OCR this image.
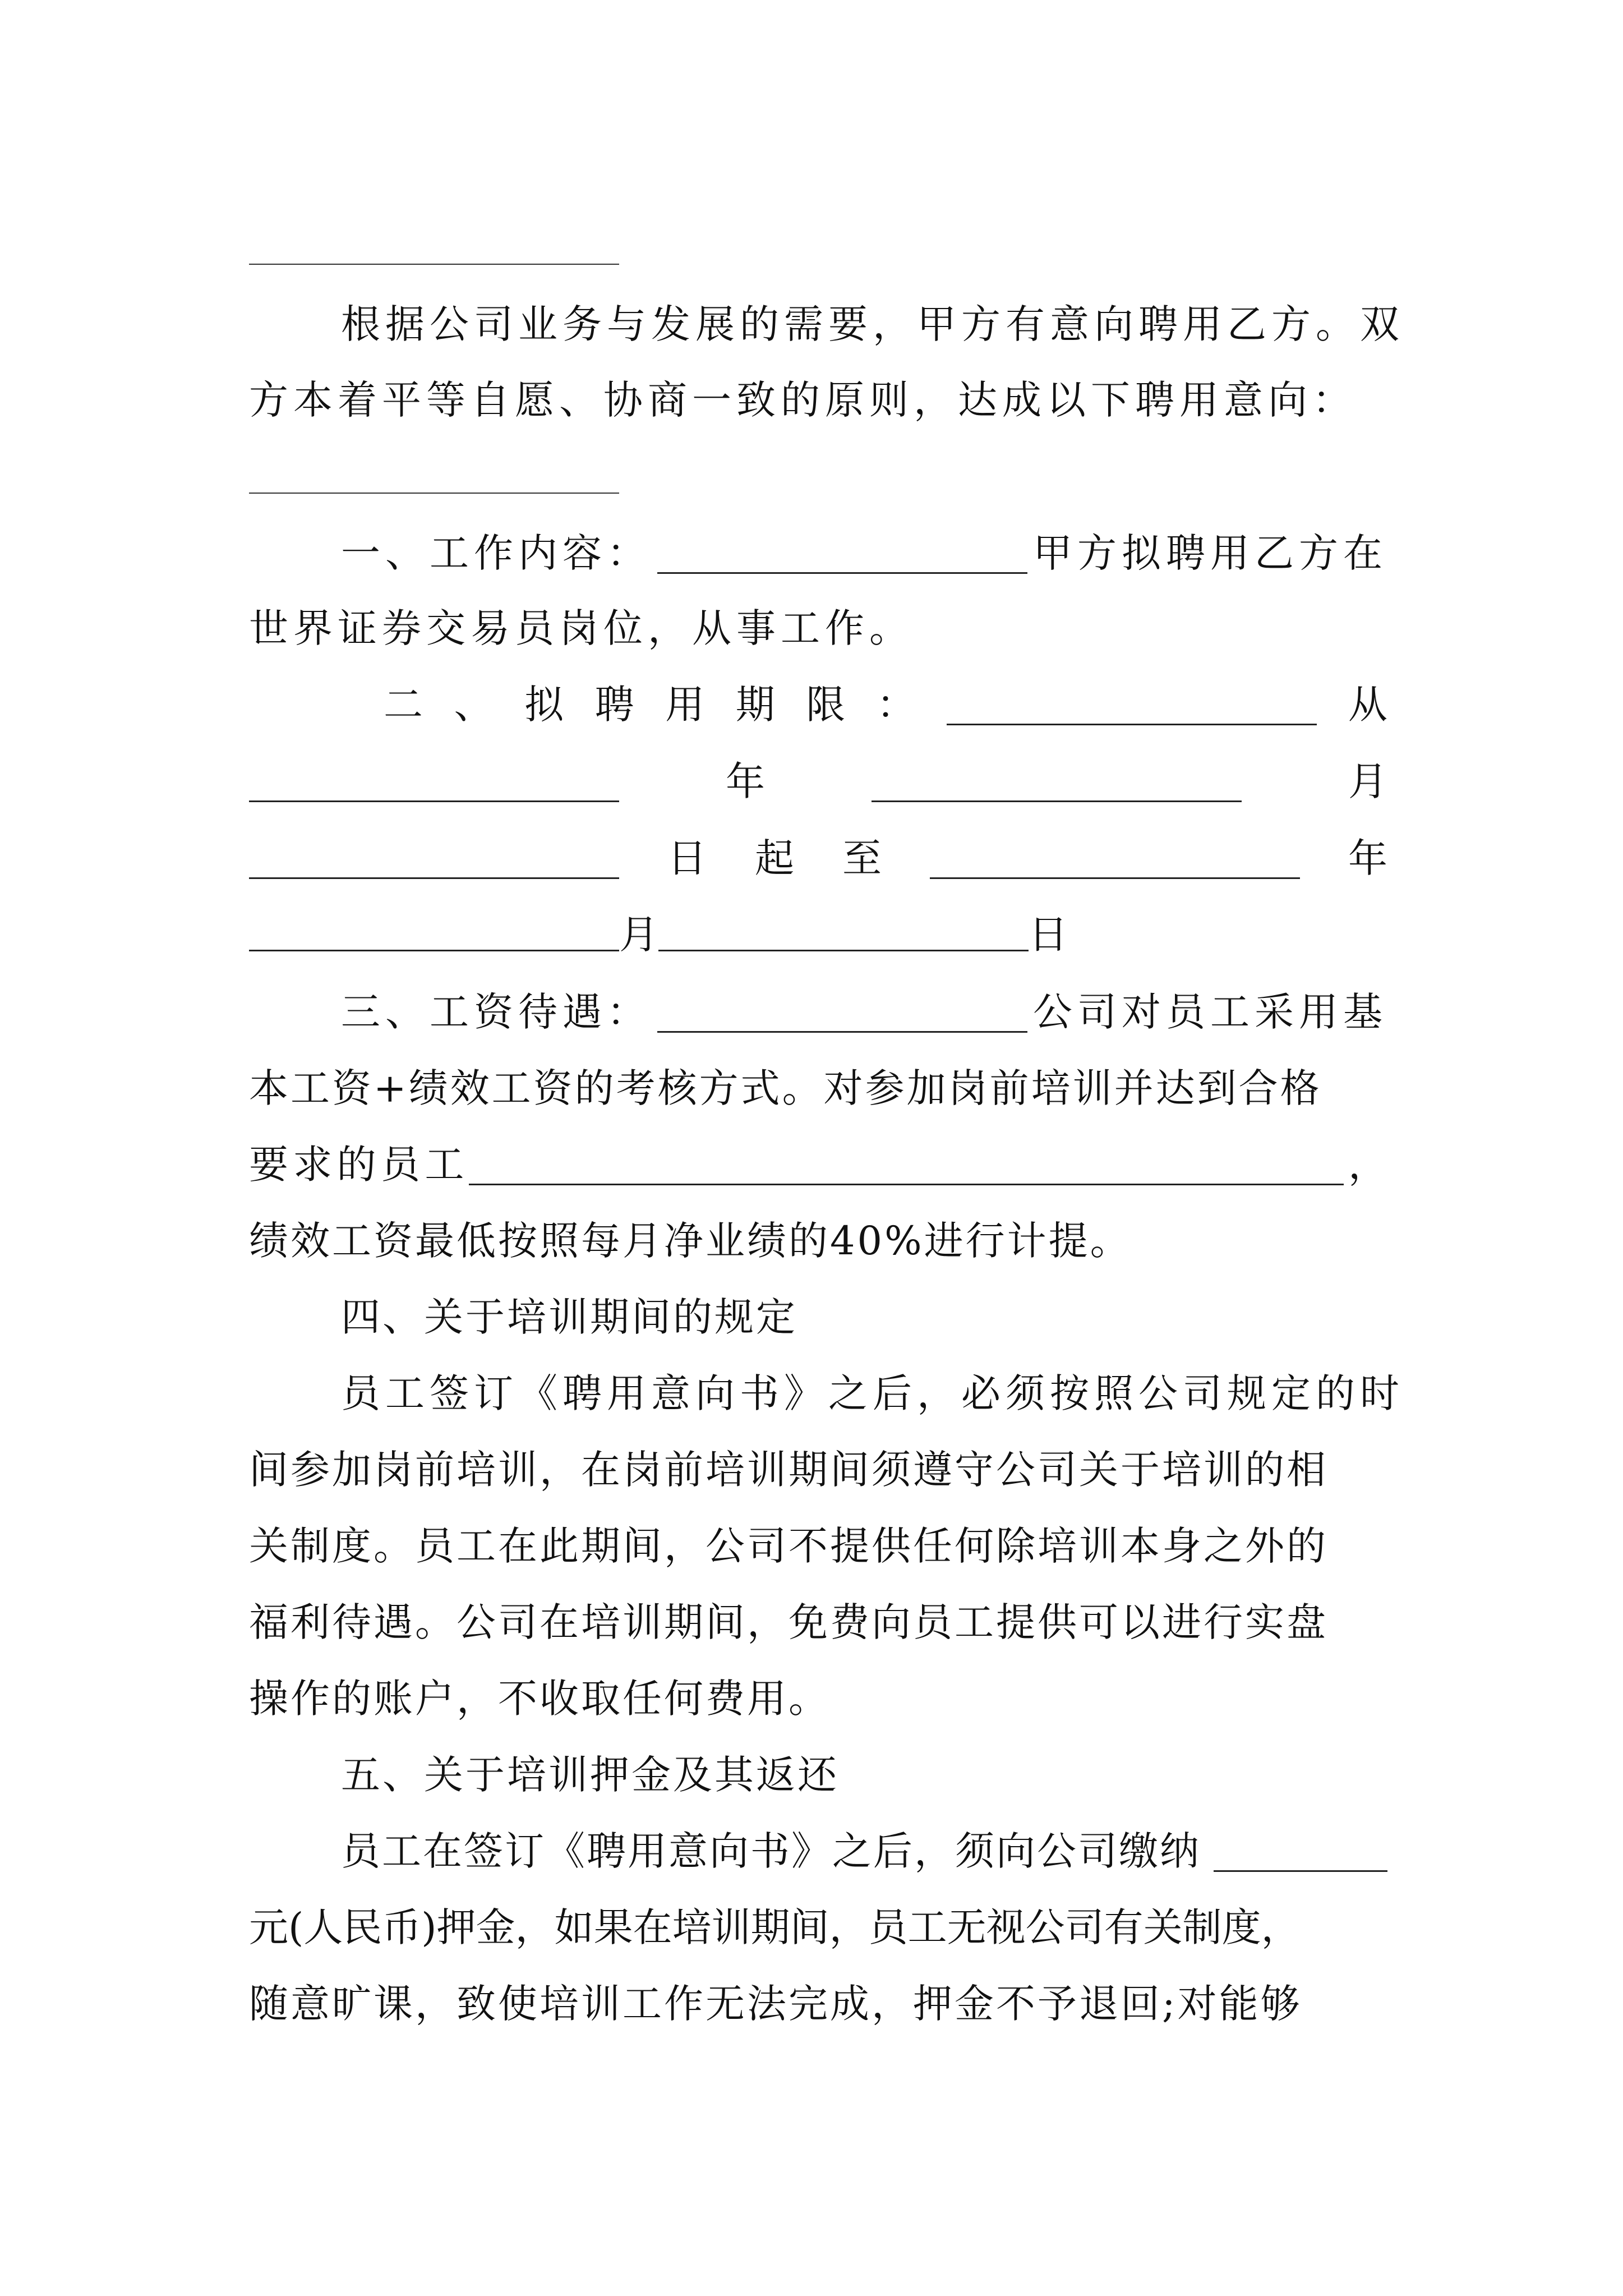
根据公司业务与发展的需要，甲方有意向聘用乙方。双
方本着平等自愿、协商一致的原则，达成以下聘用意向：
一、工作内容：	甲方拟聘用乙方在
世界证券交易员岗位，从事工作。
二 、 拟 聘 用 期 限 ：	从
年	月
日 起 至	年
月	日
三、工资待遇：	公司对员工采用基
本工资+绩效工资的考核方式。对参加岗前培训并达到合格
要 求 的 员 工	，
绩效工资最低按照每月净业绩的40%进行计提。
四、关于培训期间的规定
员工签订《聘用意向书》之后，必须按照公司规定的时
间参加岗前培训，在岗前培训期间须遵守公司关于培训的相
关制度。员工在此期间，公司不提供任何除培训本身之外的
福利待遇。公司在培训期间，免费向员工提供可以进行实盘
操作的账户，不收取任何费用。
五、关于培训押金及其返还
员工在签订《聘用意向书》之后，须向公司缴纳
元(人民币)押金，如果在培训期间，员工无视公司有关制度，
随意旷课，致使培训工作无法完成，押金不予退回;对能够
